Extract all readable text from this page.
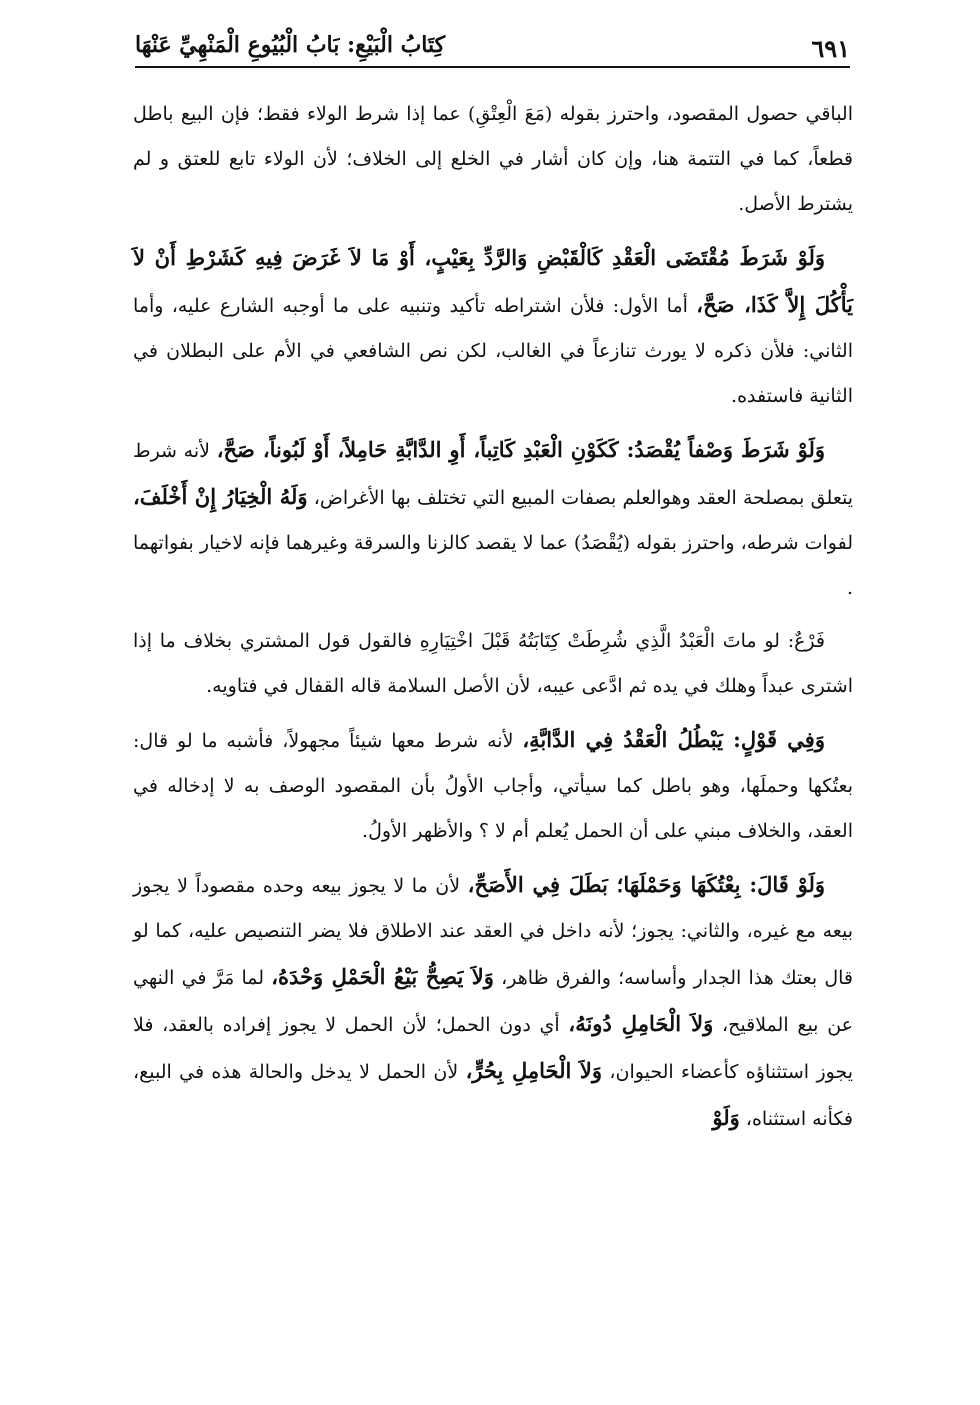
٦٩١
كِتَابُ الْبَيْعِ: بَابُ الْبُيُوعِ الْمَنْهِيِّ عَنْهَا

الباقي حصول المقصود، واحترز بقوله (مَعَ الْعِتْقِ) عما إذا شرط الولاء فقط؛ فإن البيع باطل قطعاً، كما في التتمة هنا، وإن كان أشار في الخلع إلى الخلاف؛ لأن الولاء تابع للعتق و لم يشترط الأصل.

وَلَوْ شَرَطَ مُقْتَضَى الْعَقْدِ كَالْقَبْضِ وَالرَّدِّ بِعَيْبٍ، أَوْ مَا لاَ غَرَضَ فِيهِ كَشَرْطِ أَنْ لاَ يَأْكُلَ إِلاَّ كَذَا، صَحَّ، أما الأول: فلأن اشتراطه تأكيد وتنبيه على ما أوجبه الشارع عليه، وأما الثاني: فلأن ذكره لا يورث تنازعاً في الغالب، لكن نص الشافعي في الأم على البطلان في الثانية فاستفده.

وَلَوْ شَرَطَ وَصْفاً يُقْصَدُ: كَكَوْنِ الْعَبْدِ كَاتِباً، أَوِ الدَّابَّةِ حَامِلاً، أَوْ لَبُوناً، صَحَّ، لأنه شرط يتعلق بمصلحة العقد وهوالعلم بصفات المبيع التي تختلف بها الأغراض، وَلَهُ الْخِيَارُ إِنْ أَخْلَفَ، لفوات شرطه، واحترز بقوله (يُقْصَدُ) عما لا يقصد كالزنا والسرقة وغيرهما فإنه لاخيار بفواتهما .

فَرْعٌ: لو ماتَ الْعَبْدُ الَّذِي شُرِطَتْ كِتَابَتُهُ قَبْلَ اخْتِيَارِهِ فالقول قول المشتري بخلاف ما إذا اشترى عبداً وهلك في يده ثم ادَّعى عيبه، لأن الأصل السلامة قاله القفال في فتاويه.

وَفِي قَوْلٍ: يَبْطُلُ الْعَقْدُ فِي الدَّابَّةِ، لأنه شرط معها شيئاً مجهولاً، فأشبه ما لو قال: بعتُكها وحملَها، وهو باطل كما سيأتي، وأجاب الأولُ بأن المقصود الوصف به لا إدخاله في العقد، والخلاف مبني على أن الحمل يُعلم أم لا ؟ والأظهر الأولُ.

وَلَوْ قَالَ: بِعْتُكَهَا وَحَمْلَهَا؛ بَطَلَ فِي الأَصَحِّ، لأن ما لا يجوز بيعه وحده مقصوداً لا يجوز بيعه مع غيره، والثاني: يجوز؛ لأنه داخل في العقد عند الاطلاق فلا يضر التنصيص عليه، كما لو قال بعتك هذا الجدار وأساسه؛ والفرق ظاهر، وَلاَ يَصِحُّ بَيْعُ الْحَمْلِ وَحْدَهُ، لما مَرَّ في النهي عن بيع الملاقيح، وَلاَ الْحَامِلِ دُونَهُ، أي دون الحمل؛ لأن الحمل لا يجوز إفراده بالعقد، فلا يجوز استثناؤه كأعضاء الحيوان، وَلاَ الْحَامِلِ بِحُرٍّ، لأن الحمل لا يدخل والحالة هذه في البيع، فكأنه استثناه، وَلَوْ
